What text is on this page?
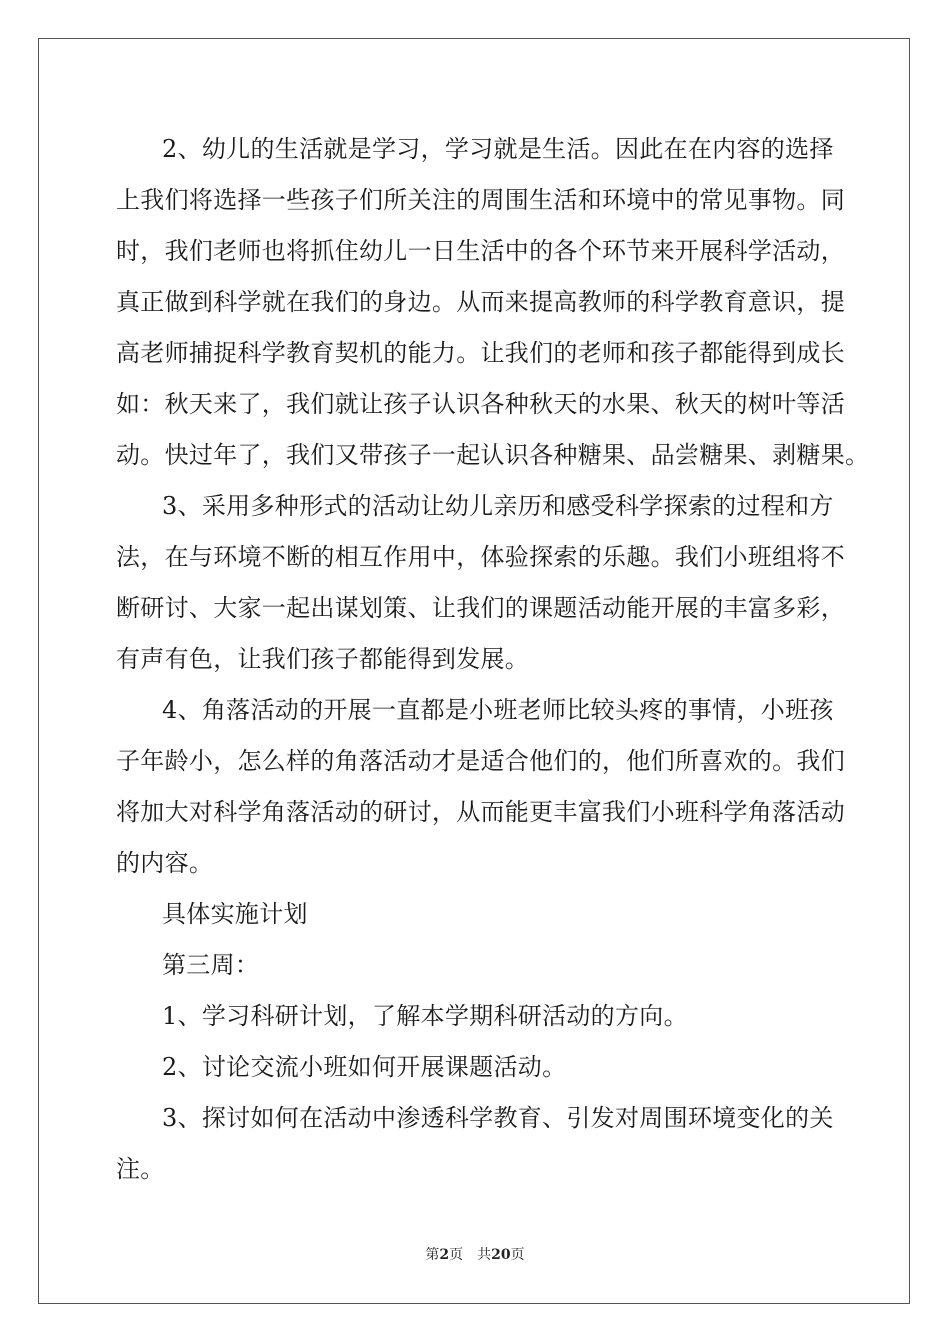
2、幼儿的生活就是学习，学习就是生活。因此在在内容的选择
上我们将选择一些孩子们所关注的周围生活和环境中的常见事物。同
时，我们老师也将抓住幼儿一日生活中的各个环节来开展科学活动，
真正做到科学就在我们的身边。从而来提高教师的科学教育意识，提
高老师捕捉科学教育契机的能力。让我们的老师和孩子都能得到成长
如：秋天来了，我们就让孩子认识各种秋天的水果、秋天的树叶等活
动。快过年了，我们又带孩子一起认识各种糖果、品尝糖果、剥糖果。
3、采用多种形式的活动让幼儿亲历和感受科学探索的过程和方
法，在与环境不断的相互作用中，体验探索的乐趣。我们小班组将不
断研讨、大家一起出谋划策、让我们的课题活动能开展的丰富多彩，
有声有色，让我们孩子都能得到发展。
4、角落活动的开展一直都是小班老师比较头疼的事情，小班孩
子年龄小，怎么样的角落活动才是适合他们的，他们所喜欢的。我们
将加大对科学角落活动的研讨，从而能更丰富我们小班科学角落活动
的内容。
具体实施计划
第三周：
1、学习科研计划，了解本学期科研活动的方向。
2、讨论交流小班如何开展课题活动。
3、探讨如何在活动中渗透科学教育、引发对周围环境变化的关
注。
第2页 共20页
